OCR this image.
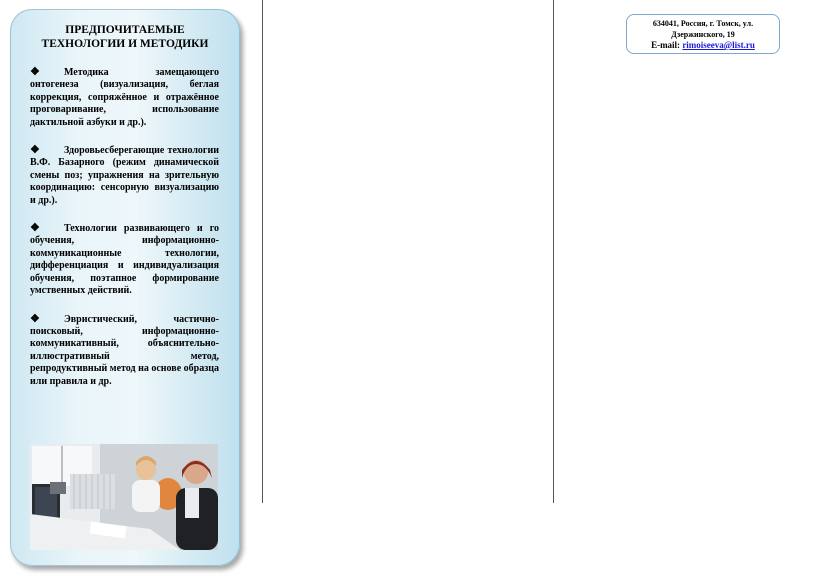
ПРЕДПОЧИТАЕМЫЕ
ТЕХНОЛОГИИ И МЕТОДИКИ

❖ Методика замещающего онтогенеза (визуализация, беглая коррекция, сопряжённое и отражённое проговаривание, использование дактильной азбуки и др.).

❖ Здоровьесберегающие технологии В.Ф. Базарного (режим динамической смены поз; упражнения на зрительную координацию: сенсорную визуализацию и др.).

❖ Технологии развивающего и го обучения, информационно-коммуникационные технологии, дифференциация и индивидуализация обучения, поэтапное формирование умственных действий.

❖ Эвристический, частично-поисковый, информационно-коммуникативный, объяснительно-иллюстративный метод, репродуктивный метод на основе образца или правила и др.

634041, Россия, г. Томск, ул.
Дзержинского, 19
E-mail: rimoiseeva@list.ru
